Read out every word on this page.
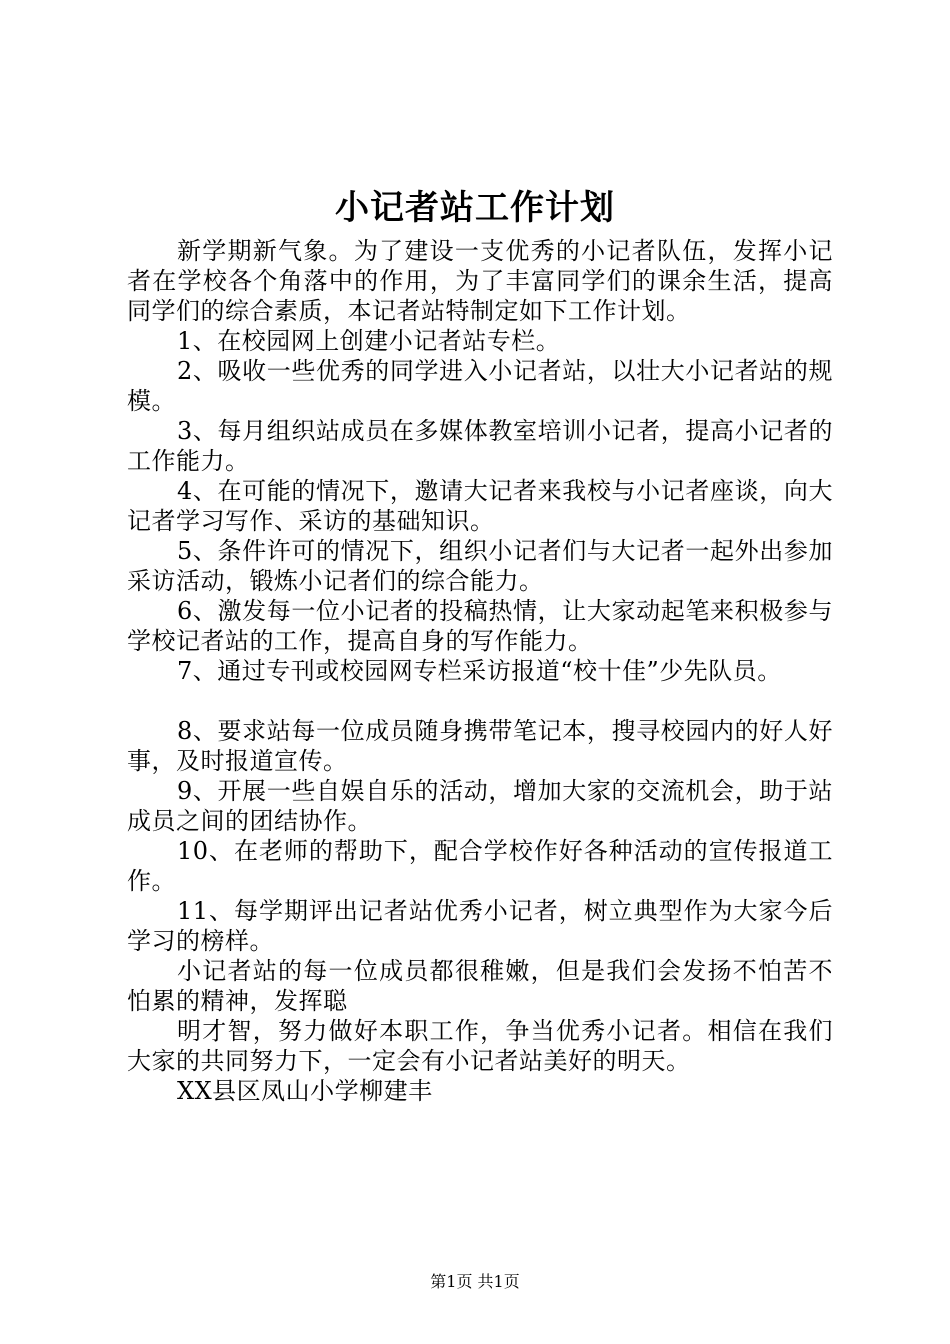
小记者站工作计划

新学期新气象。为了建设一支优秀的小记者队伍，发挥小记者在学校各个角落中的作用，为了丰富同学们的课余生活，提高同学们的综合素质，本记者站特制定如下工作计划。

1、在校园网上创建小记者站专栏。

2、吸收一些优秀的同学进入小记者站，以壮大小记者站的规模。

3、每月组织站成员在多媒体教室培训小记者，提高小记者的工作能力。

4、在可能的情况下，邀请大记者来我校与小记者座谈，向大记者学习写作、采访的基础知识。

5、条件许可的情况下，组织小记者们与大记者一起外出参加采访活动，锻炼小记者们的综合能力。

6、激发每一位小记者的投稿热情，让大家动起笔来积极参与学校记者站的工作，提高自身的写作能力。

7、通过专刊或校园网专栏采访报道“校十佳”少先队员。

8、要求站每一位成员随身携带笔记本，搜寻校园内的好人好事，及时报道宣传。

9、开展一些自娱自乐的活动，增加大家的交流机会，助于站成员之间的团结协作。

10、在老师的帮助下，配合学校作好各种活动的宣传报道工作。

11、每学期评出记者站优秀小记者，树立典型作为大家今后学习的榜样。

小记者站的每一位成员都很稚嫩，但是我们会发扬不怕苦不怕累的精神，发挥聪

明才智，努力做好本职工作，争当优秀小记者。相信在我们大家的共同努力下，一定会有小记者站美好的明天。

XX县区凤山小学柳建丰

第1页 共1页
